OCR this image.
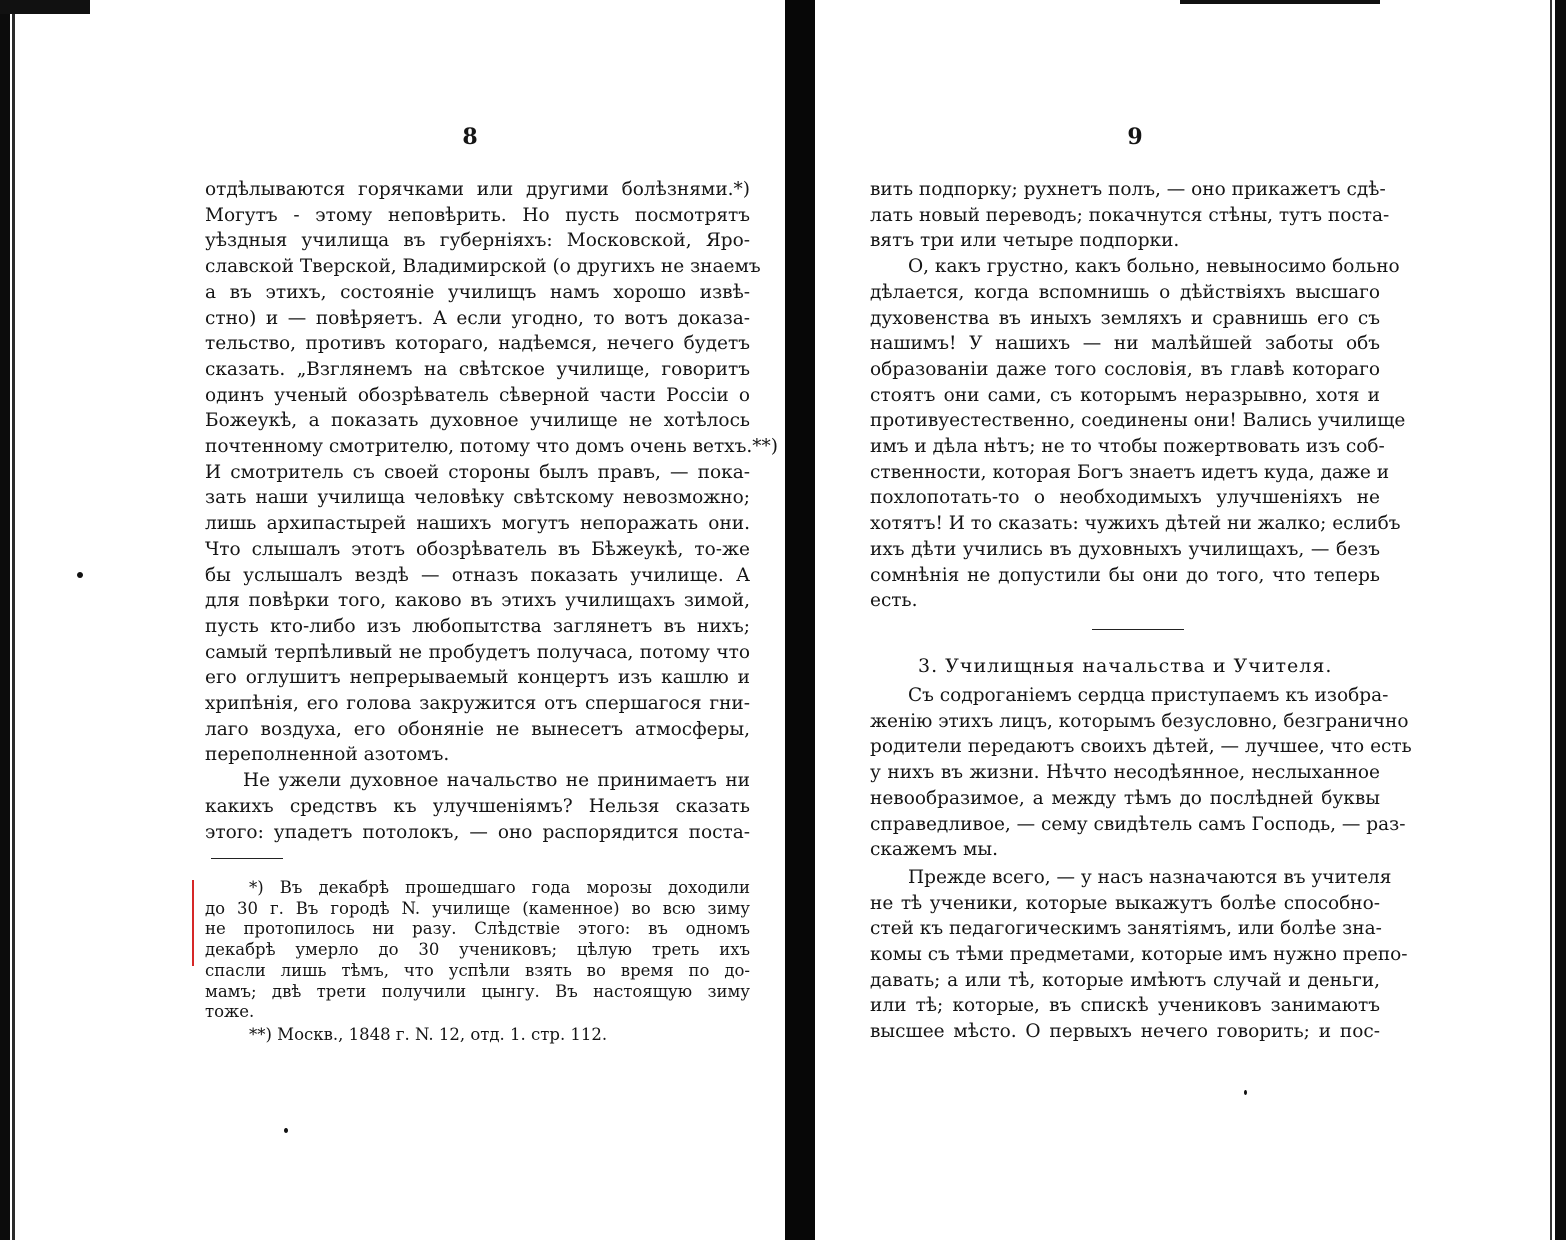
8
отдѣлываются горячками или другими болѣзнями.*)
Могутъ - этому неповѣрить. Но пусть посмотрятъ
уѣздныя училища въ губерніяхъ: Московской, Яро-
славской Тверской, Владимирской (о другихъ не знаемъ
а въ этихъ, состояніе училищъ намъ хорошо извѣ-
стно) и — повѣряетъ. А если угодно, то вотъ доказа-
тельство, противъ котораго, надѣемся, нечего будетъ
сказать. „Взглянемъ на свѣтское училище, говоритъ
одинъ ученый обозрѣватель сѣверной части Россіи о
Божеукѣ, а показать духовное училище не хотѣлось
почтенному смотрителю, потому что домъ очень ветхъ.**)
И смотритель съ своей стороны былъ правъ, — пока-
зать наши училища человѣку свѣтскому невозможно;
лишь архипастырей нашихъ могутъ непоражать они.
Что слышалъ этотъ обозрѣватель въ Бѣжеукѣ, то-же
бы услышалъ вездѣ — отназъ показать училище. А
для повѣрки того, каково въ этихъ училищахъ зимой,
пусть кто-либо изъ любопытства заглянетъ въ нихъ;
самый терпѣливый не пробудетъ получаса, потому что
его оглушитъ непрерываемый концертъ изъ кашлю и
хрипѣнія, его голова закружится отъ спершагося гни-
лаго воздуха, его обоняніе не вынесетъ атмосферы,
переполненной азотомъ.
Не ужели духовное начальство не принимаетъ ни
какихъ средствъ къ улучшеніямъ? Нельзя сказать
этого: упадетъ потолокъ, — оно распорядится поста-
*) Въ декабрѣ прошедшаго года морозы доходили
до 30 г. Въ городѣ N. училище (каменное) во всю зиму
не протопилось ни разу. Слѣдствіе этого: въ одномъ
декабрѣ умерло до 30 учениковъ; цѣлую треть ихъ
спасли лишь тѣмъ, что успѣли взять во время по до-
мамъ; двѣ трети получили цынгу. Въ настоящую зиму
тоже.
**) Москв., 1848 г. N. 12, отд. 1. стр. 112.
9
вить подпорку; рухнетъ полъ, — оно прикажетъ сдѣ-
лать новый переводъ; покачнутся стѣны, тутъ поста-
вятъ три или четыре подпорки.
О, какъ грустно, какъ больно, невыносимо больно
дѣлается, когда вспомнишь о дѣйствіяхъ высшаго
духовенства въ иныхъ земляхъ и сравнишь его съ
нашимъ! У нашихъ — ни малѣйшей заботы объ
образованіи даже того сословія, въ главѣ котораго
стоятъ они сами, съ которымъ неразрывно, хотя и
противуестественно, соединены они! Вались училище
имъ и дѣла нѣтъ; не то чтобы пожертвовать изъ соб-
ственности, которая Богъ знаетъ идетъ куда, даже и
похлопотать-то о необходимыхъ улучшеніяхъ не
хотятъ! И то сказать: чужихъ дѣтей ни жалко; еслибъ
ихъ дѣти учились въ духовныхъ училищахъ, — безъ
сомнѣнія не допустили бы они до того, что теперь
есть.
3. Училищныя начальства и Учителя.
Съ содроганіемъ сердца приступаемъ къ изобра-
женію этихъ лицъ, которымъ безусловно, безгранично
родители передаютъ своихъ дѣтей, — лучшее, что есть
у нихъ въ жизни. Нѣчто несодѣянное, неслыханное
невообразимое, а между тѣмъ до послѣдней буквы
справедливое, — сему свидѣтель самъ Господь, — раз-
скажемъ мы.
Прежде всего, — у насъ назначаются въ учителя
не тѣ ученики, которые выкажутъ болѣе способно-
стей къ педагогическимъ занятіямъ, или болѣе зна-
комы съ тѣми предметами, которые имъ нужно препо-
давать; а или тѣ, которые имѣютъ случай и деньги,
или тѣ; которые, въ спискѣ учениковъ занимаютъ
высшее мѣсто. О первыхъ нечего говорить; и пос-
